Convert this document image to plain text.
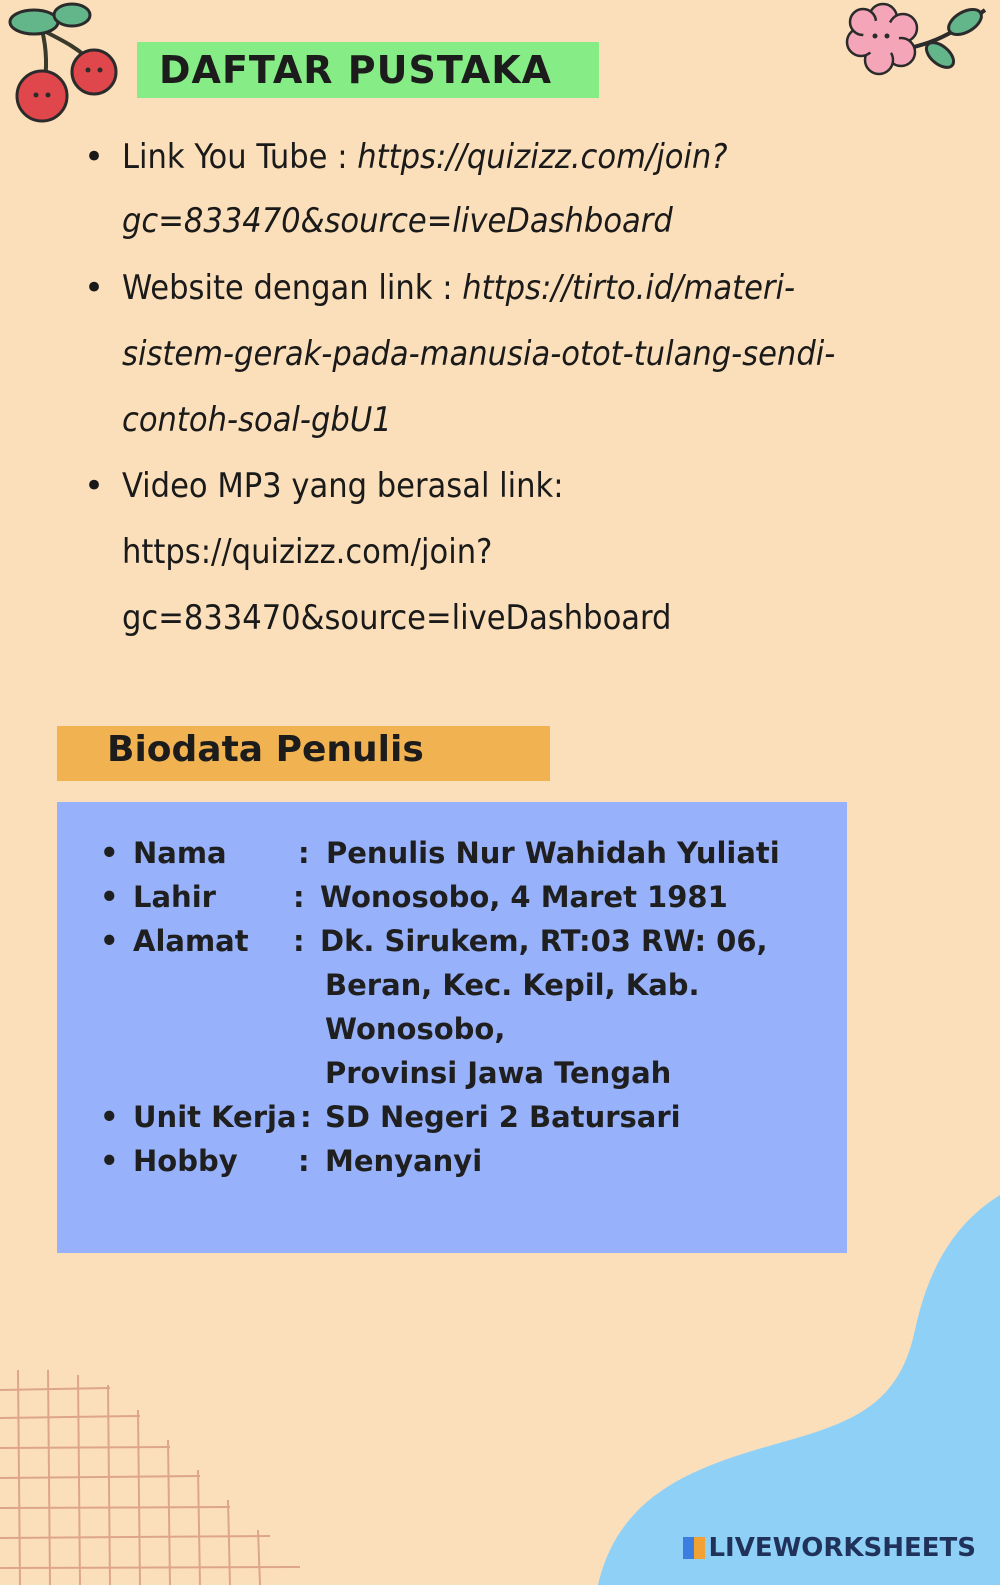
DAFTAR PUSTAKA
• Link You Tube : https://quizizz.com/join?
gc=833470&source=liveDashboard
• Website dengan link : https://tirto.id/materi-
sistem-gerak-pada-manusia-otot-tulang-sendi-
contoh-soal-gbU1
• Video MP3 yang berasal link:
https://quizizz.com/join?
gc=833470&source=liveDashboard
Biodata Penulis
• Nama : Penulis Nur Wahidah Yuliati
• Lahir	: Wonosobo, 4 Maret 1981
• Alamat : Dk. Sirukem, RT:03 RW: 06,
Beran, Kec. Kepil, Kab.
Wonosobo,
Provinsi Jawa Tengah
• Unit Kerja : SD Negeri 2 Batursari
• Hobby : Menyanyi
LIVEWORKSHEETS
